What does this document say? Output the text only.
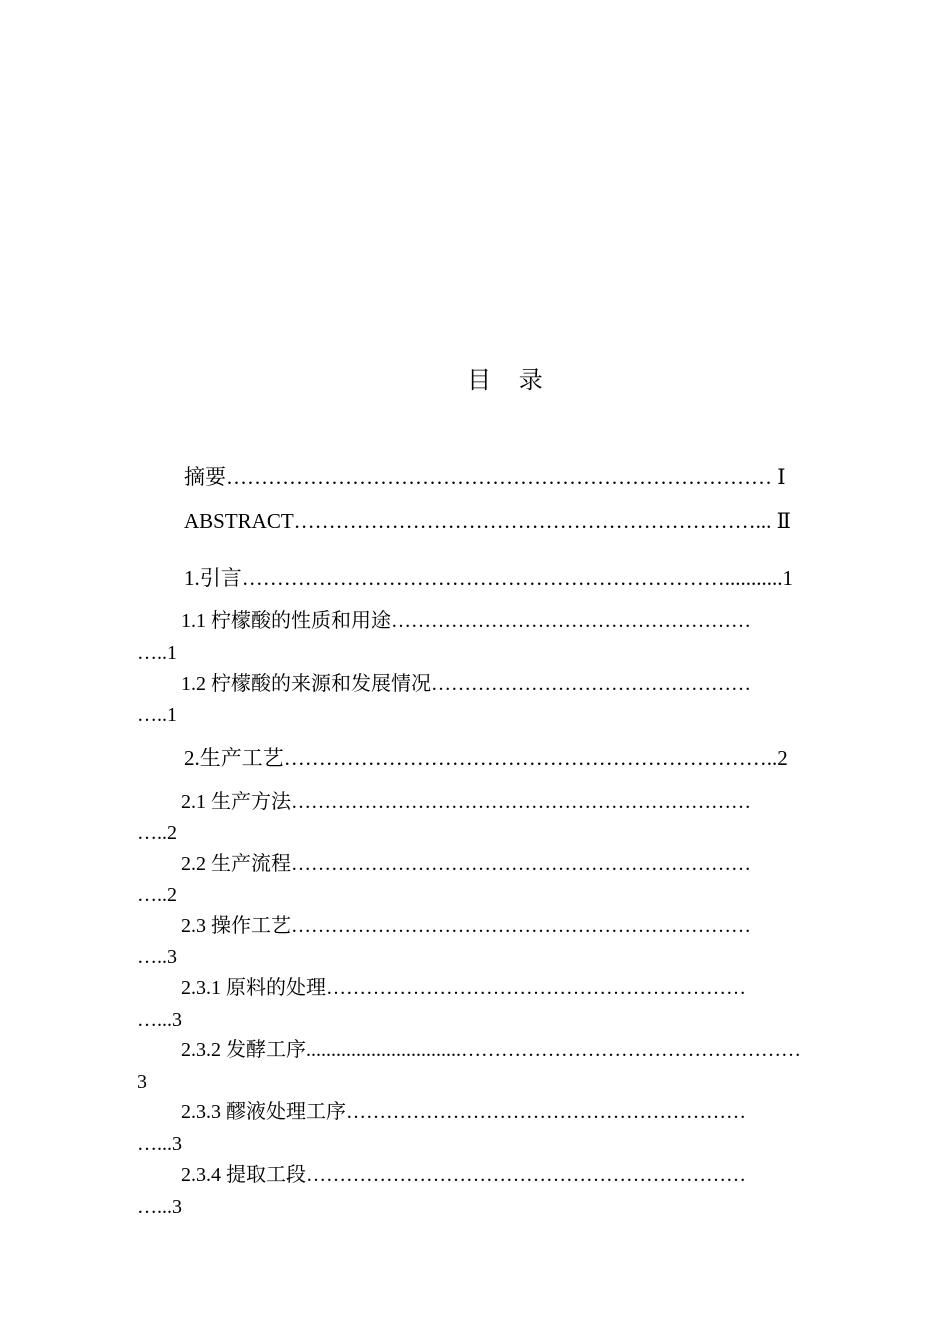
目 录
摘要…………………………………………………………………… Ⅰ
ABSTRACT…………………………………………………………... Ⅱ
1.引言……………………………………………………………...........1
1.1 柠檬酸的性质和用途………………………………………………
…..1
1.2 柠檬酸的来源和发展情况…………………………………………
…..1
2.生产工艺……………………………………………………………..2
2.1 生产方法……………………………………………………………
…..2
2.2 生产流程……………………………………………………………
…..2
2.3 操作工艺……………………………………………………………
…..3
2.3.1 原料的处理………………………………………………………
…...3
2.3.2 发酵工序...............................……………………………………………
3
2.3.3 醪液处理工序……………………………………………………
…...3
2.3.4 提取工段…………………………………………………………
…...3
